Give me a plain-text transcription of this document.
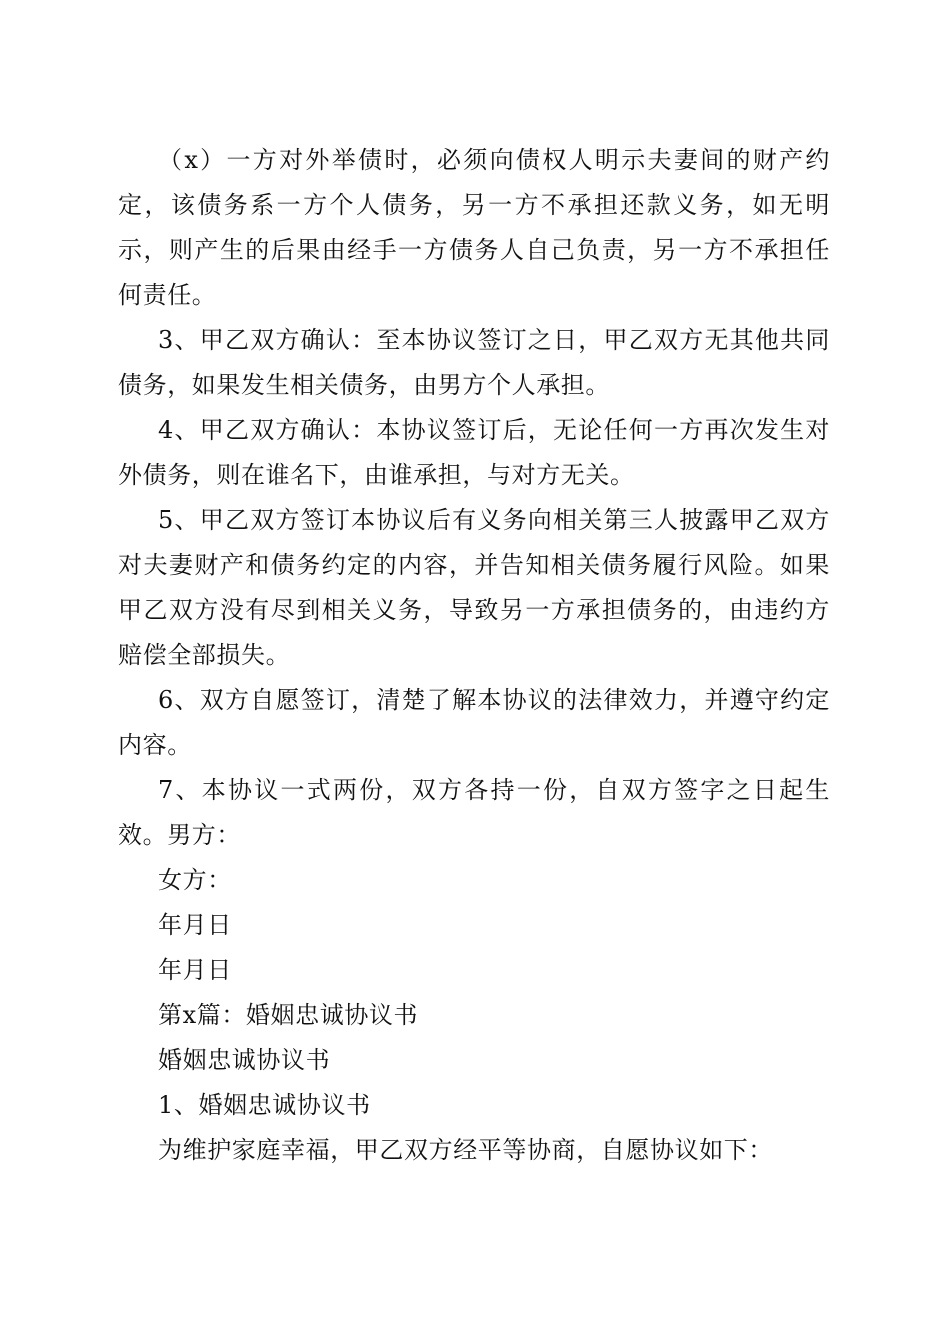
（x）一方对外举债时，必须向债权人明示夫妻间的财产约定，该债务系一方个人债务，另一方不承担还款义务，如无明示，则产生的后果由经手一方债务人自己负责，另一方不承担任何责任。

3、甲乙双方确认：至本协议签订之日，甲乙双方无其他共同债务，如果发生相关债务，由男方个人承担。

4、甲乙双方确认：本协议签订后，无论任何一方再次发生对外债务，则在谁名下，由谁承担，与对方无关。

5、甲乙双方签订本协议后有义务向相关第三人披露甲乙双方对夫妻财产和债务约定的内容，并告知相关债务履行风险。如果甲乙双方没有尽到相关义务，导致另一方承担债务的，由违约方赔偿全部损失。

6、双方自愿签订，清楚了解本协议的法律效力，并遵守约定内容。

7、本协议一式两份，双方各持一份，自双方签字之日起生效。男方：

女方：

年月日

年月日

第x篇：婚姻忠诚协议书

婚姻忠诚协议书

1、婚姻忠诚协议书

为维护家庭幸福，甲乙双方经平等协商，自愿协议如下：
